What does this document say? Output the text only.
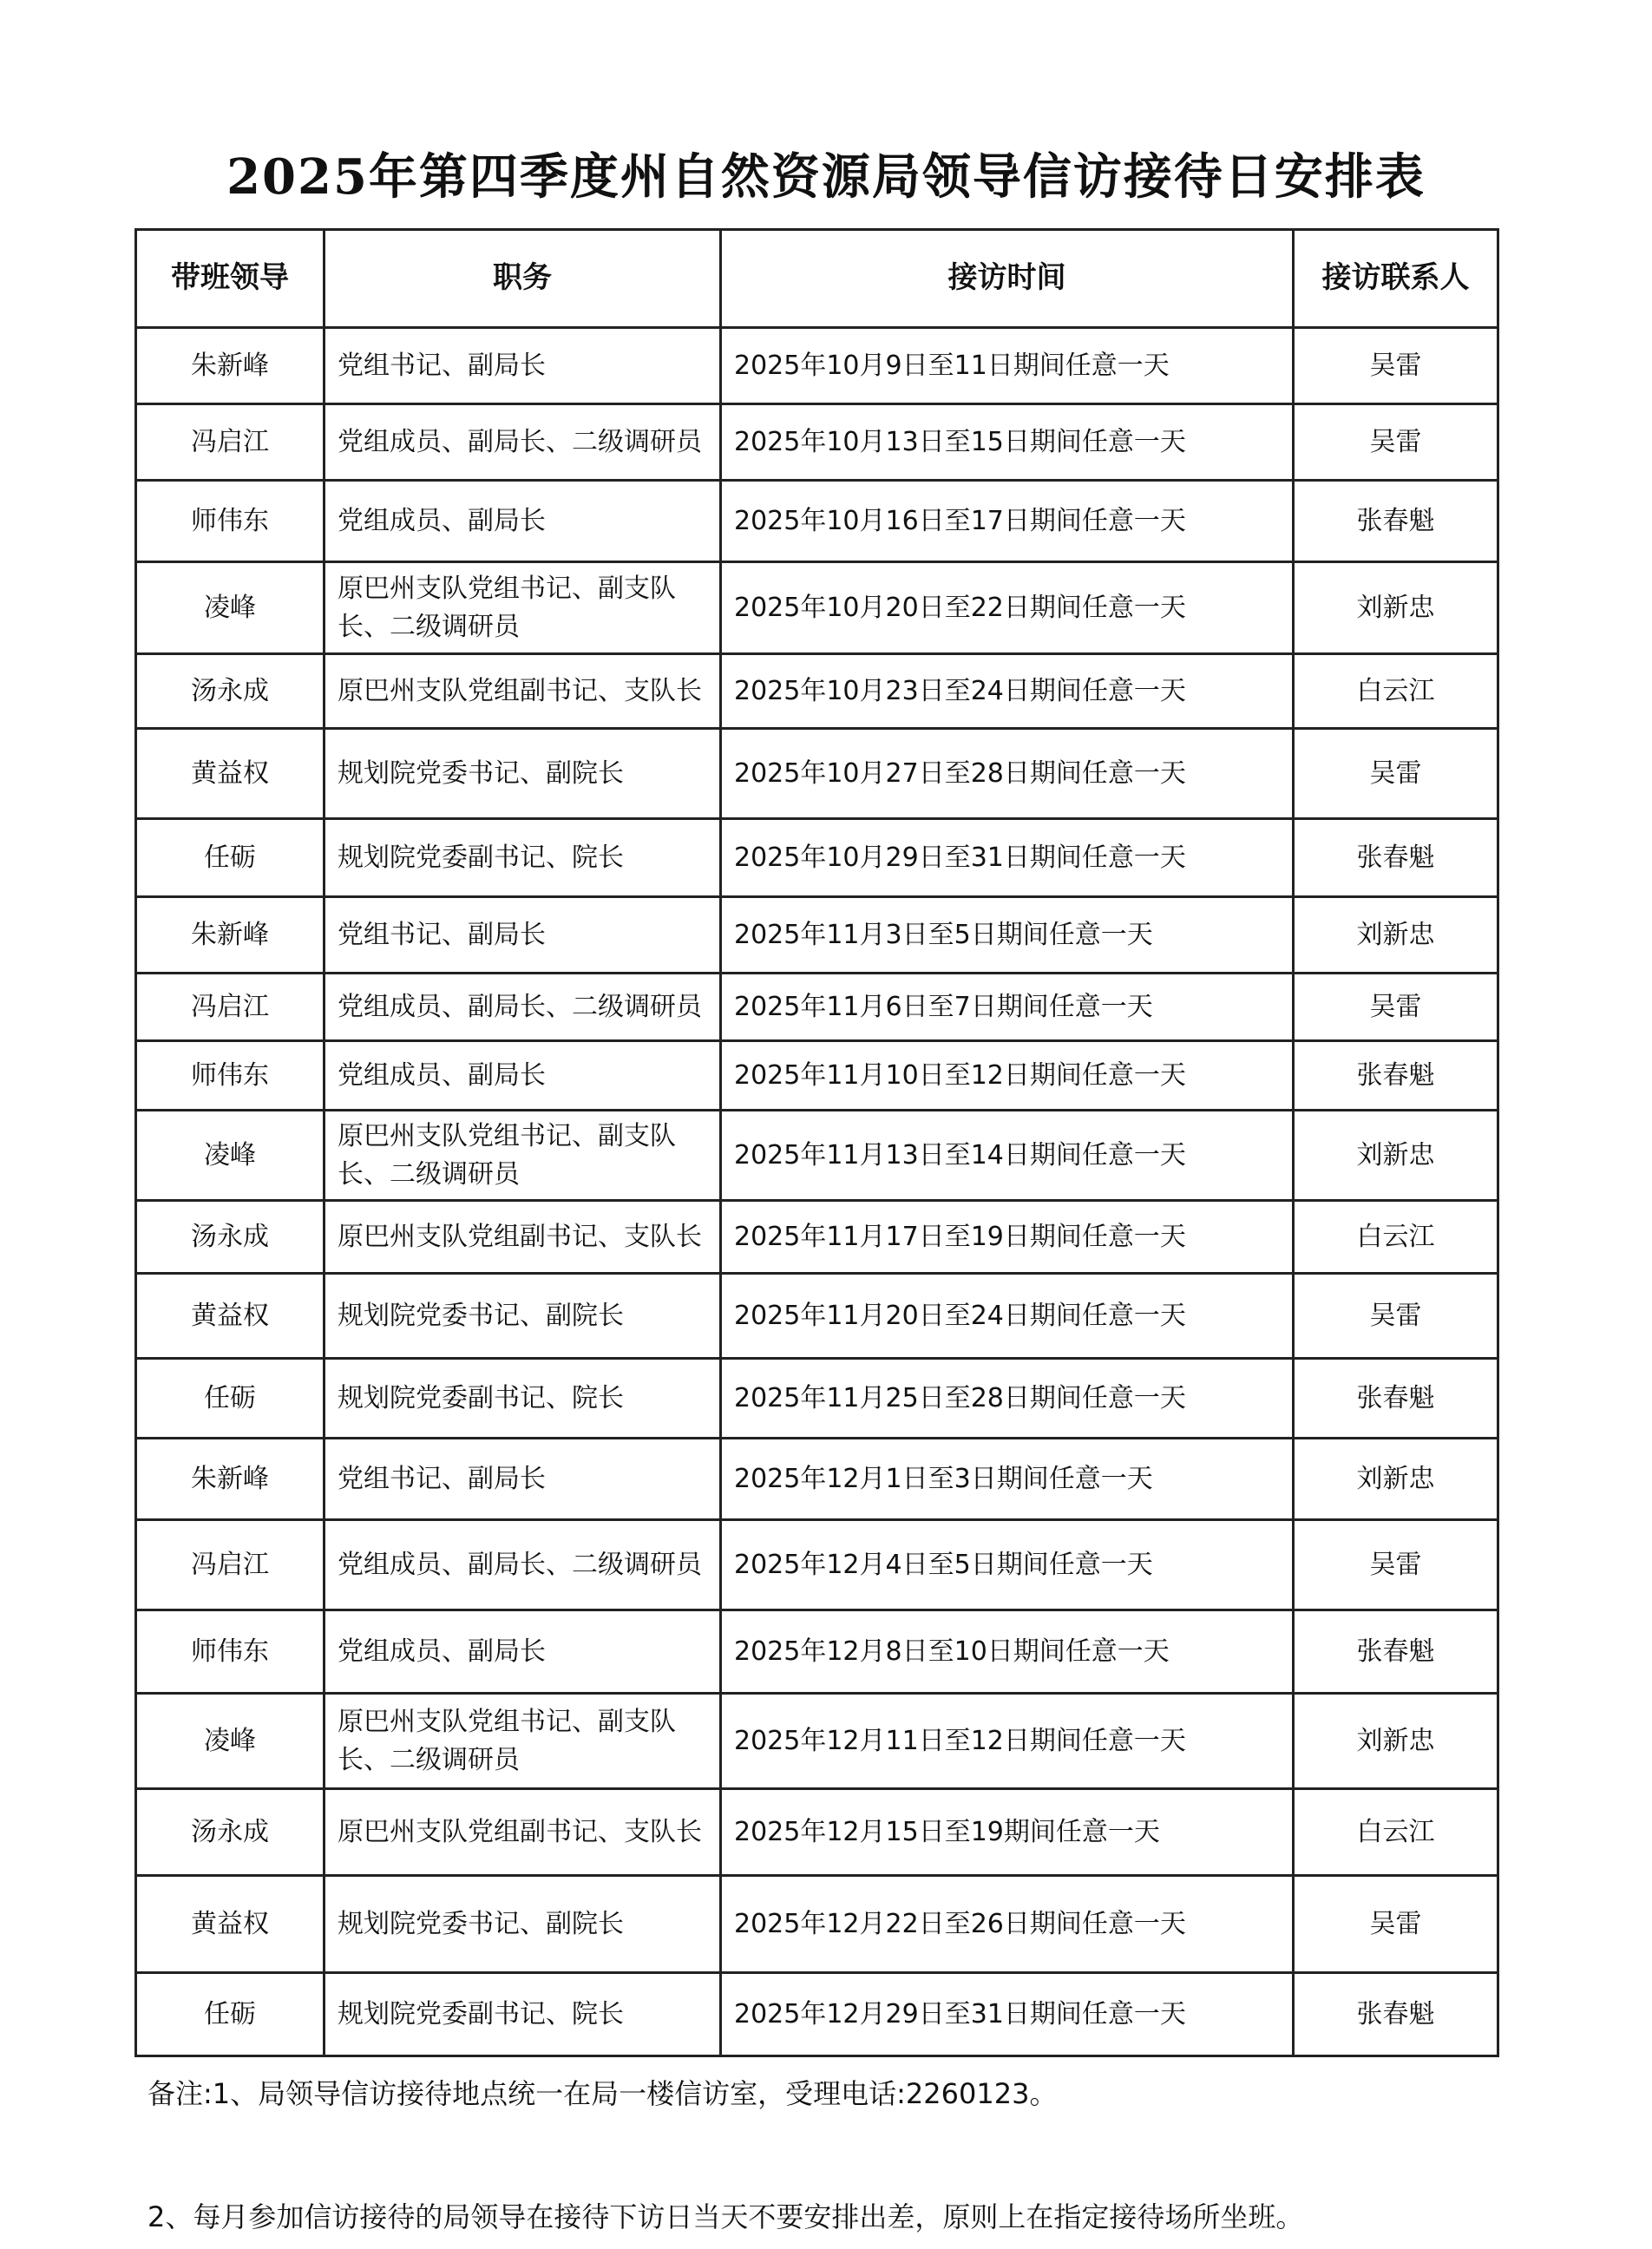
2025年第四季度州自然资源局领导信访接待日安排表
带班领导	职务	接访时间	接访联系人
朱新峰	党组书记、副局长	2025年10月9日至11日期间任意一天	吴雷
冯启江	党组成员、副局长、二级调研员	2025年10月13日至15日期间任意一天	吴雷
师伟东	党组成员、副局长	2025年10月16日至17日期间任意一天	张春魁
凌峰	原巴州支队党组书记、副支队长、二级调研员	2025年10月20日至22日期间任意一天	刘新忠
汤永成	原巴州支队党组副书记、支队长	2025年10月23日至24日期间任意一天	白云江
黄益权	规划院党委书记、副院长	2025年10月27日至28日期间任意一天	吴雷
任砺	规划院党委副书记、院长	2025年10月29日至31日期间任意一天	张春魁
朱新峰	党组书记、副局长	2025年11月3日至5日期间任意一天	刘新忠
冯启江	党组成员、副局长、二级调研员	2025年11月6日至7日期间任意一天	吴雷
师伟东	党组成员、副局长	2025年11月10日至12日期间任意一天	张春魁
凌峰	原巴州支队党组书记、副支队长、二级调研员	2025年11月13日至14日期间任意一天	刘新忠
汤永成	原巴州支队党组副书记、支队长	2025年11月17日至19日期间任意一天	白云江
黄益权	规划院党委书记、副院长	2025年11月20日至24日期间任意一天	吴雷
任砺	规划院党委副书记、院长	2025年11月25日至28日期间任意一天	张春魁
朱新峰	党组书记、副局长	2025年12月1日至3日期间任意一天	刘新忠
冯启江	党组成员、副局长、二级调研员	2025年12月4日至5日期间任意一天	吴雷
师伟东	党组成员、副局长	2025年12月8日至10日期间任意一天	张春魁
凌峰	原巴州支队党组书记、副支队长、二级调研员	2025年12月11日至12日期间任意一天	刘新忠
汤永成	原巴州支队党组副书记、支队长	2025年12月15日至19期间任意一天	白云江
黄益权	规划院党委书记、副院长	2025年12月22日至26日期间任意一天	吴雷
任砺	规划院党委副书记、院长	2025年12月29日至31日期间任意一天	张春魁
备注:1、局领导信访接待地点统一在局一楼信访室，受理电话:2260123。
2、每月参加信访接待的局领导在接待下访日当天不要安排出差，原则上在指定接待场所坐班。
